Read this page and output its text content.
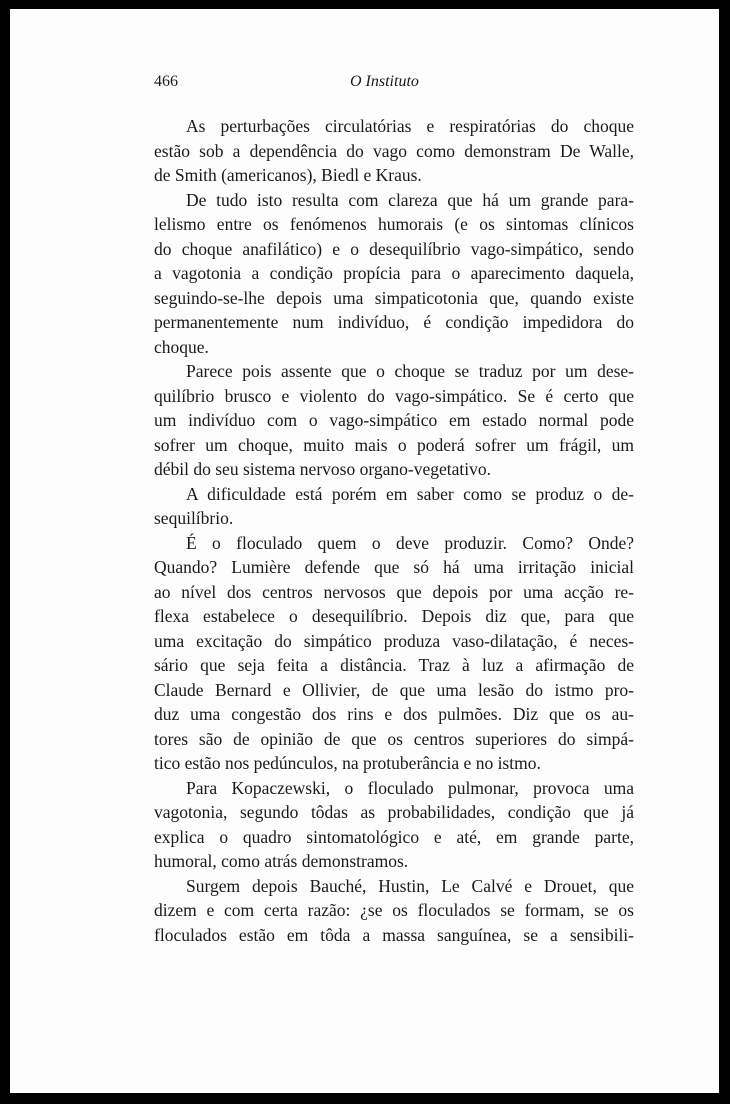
466	O Instituto
As perturbações circulatórias e respiratórias do choque
estão sob a dependência do vago como demonstram De Walle,
de Smith (americanos), Biedl e Kraus.
De tudo isto resulta com clareza que há um grande para-
lelismo entre os fenómenos humorais (e os sintomas clínicos
do choque anafilático) e o desequilíbrio vago-simpático, sendo
a vagotonia a condição propícia para o aparecimento daquela,
seguindo-se-lhe depois uma simpaticotonia que, quando existe
permanentemente num indivíduo, é condição impedidora do
choque.
Parece pois assente que o choque se traduz por um dese-
quilíbrio brusco e violento do vago-simpático. Se é certo que
um indivíduo com o vago-simpático em estado normal pode
sofrer um choque, muito mais o poderá sofrer um frágil, um
débil do seu sistema nervoso organo-vegetativo.
A dificuldade está porém em saber como se produz o de-
sequilíbrio.
É o floculado quem o deve produzir. Como? Onde?
Quando? Lumière defende que só há uma irritação inicial
ao nível dos centros nervosos que depois por uma acção re-
flexa estabelece o desequilíbrio. Depois diz que, para que
uma excitação do simpático produza vaso-dilatação, é neces-
sário que seja feita a distância. Traz à luz a afirmação de
Claude Bernard e Ollivier, de que uma lesão do istmo pro-
duz uma congestão dos rins e dos pulmões. Diz que os au-
tores são de opinião de que os centros superiores do simpá-
tico estão nos pedúnculos, na protuberância e no istmo.
Para Kopaczewski, o floculado pulmonar, provoca uma
vagotonia, segundo tôdas as probabilidades, condição que já
explica o quadro sintomatológico e até, em grande parte,
humoral, como atrás demonstramos.
Surgem depois Bauché, Hustin, Le Calvé e Drouet, que
dizem e com certa razão: ¿se os floculados se formam, se os
floculados estão em tôda a massa sanguínea, se a sensibili-
